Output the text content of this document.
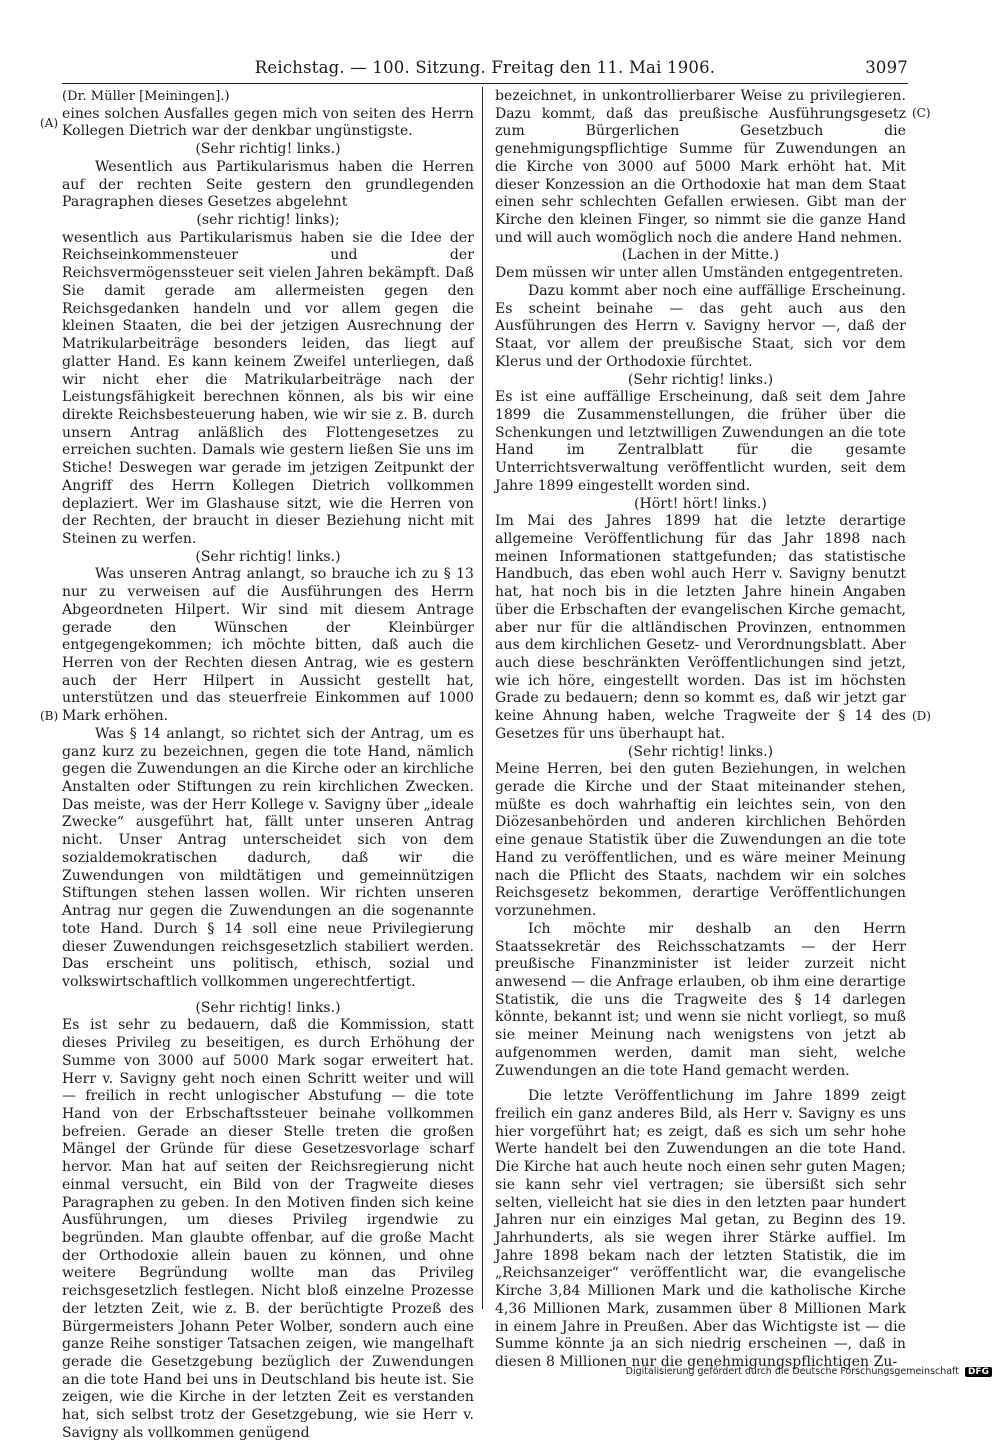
Reichstag. — 100. Sitzung. Freitag den 11. Mai 1906.	3097
(A)
(B)
(C)
(D)

(Dr. Müller [Meiningen].)

eines solchen Ausfalles gegen mich von seiten des Herrn Kollegen Dietrich war der denkbar ungünstigste.

(Sehr richtig! links.)

Wesentlich aus Partikularismus haben die Herren auf der rechten Seite gestern den grundlegenden Paragraphen dieses Gesetzes abgelehnt

(sehr richtig! links);

wesentlich aus Partikularismus haben sie die Idee der Reichseinkommensteuer und der Reichsvermögenssteuer seit vielen Jahren bekämpft. Daß Sie damit gerade am allermeisten gegen den Reichsgedanken handeln und vor allem gegen die kleinen Staaten, die bei der jetzigen Ausrechnung der Matrikularbeiträge besonders leiden, das liegt auf glatter Hand. Es kann keinem Zweifel unterliegen, daß wir nicht eher die Matrikularbeiträge nach der Leistungsfähigkeit berechnen können, als bis wir eine direkte Reichsbesteuerung haben, wie wir sie z. B. durch unsern Antrag anläßlich des Flottengesetzes zu erreichen suchten. Damals wie gestern ließen Sie uns im Stiche! Deswegen war gerade im jetzigen Zeitpunkt der Angriff des Herrn Kollegen Dietrich vollkommen deplaziert. Wer im Glashause sitzt, wie die Herren von der Rechten, der braucht in dieser Beziehung nicht mit Steinen zu werfen.

(Sehr richtig! links.)

Was unseren Antrag anlangt, so brauche ich zu § 13 nur zu verweisen auf die Ausführungen des Herrn Abgeordneten Hilpert. Wir sind mit diesem Antrage gerade den Wünschen der Kleinbürger entgegengekommen; ich möchte bitten, daß auch die Herren von der Rechten diesen Antrag, wie es gestern auch der Herr Hilpert in Aussicht gestellt hat, unterstützen und das steuerfreie Einkommen auf 1000 Mark erhöhen.

Was § 14 anlangt, so richtet sich der Antrag, um es ganz kurz zu bezeichnen, gegen die tote Hand, nämlich gegen die Zuwendungen an die Kirche oder an kirchliche Anstalten oder Stiftungen zu rein kirchlichen Zwecken. Das meiste, was der Herr Kollege v. Savigny über „ideale Zwecke“ ausgeführt hat, fällt unter unseren Antrag nicht. Unser Antrag unterscheidet sich von dem sozialdemokratischen dadurch, daß wir die Zuwendungen von mildtätigen und gemeinnützigen Stiftungen stehen lassen wollen. Wir richten unseren Antrag nur gegen die Zuwendungen an die sogenannte tote Hand. Durch § 14 soll eine neue Privilegierung dieser Zuwendungen reichsgesetzlich stabiliert werden. Das erscheint uns politisch, ethisch, sozial und volkswirtschaftlich vollkommen ungerechtfertigt.

(Sehr richtig! links.)

Es ist sehr zu bedauern, daß die Kommission, statt dieses Privileg zu beseitigen, es durch Erhöhung der Summe von 3000 auf 5000 Mark sogar erweitert hat. Herr v. Savigny geht noch einen Schritt weiter und will — freilich in recht unlogischer Abstufung — die tote Hand von der Erbschaftssteuer beinahe vollkommen befreien. Gerade an dieser Stelle treten die großen Mängel der Gründe für diese Gesetzesvorlage scharf hervor. Man hat auf seiten der Reichsregierung nicht einmal versucht, ein Bild von der Tragweite dieses Paragraphen zu geben. In den Motiven finden sich keine Ausführungen, um dieses Privileg irgendwie zu begründen. Man glaubte offenbar, auf die große Macht der Orthodoxie allein bauen zu können, und ohne weitere Begründung wollte man das Privileg reichsgesetzlich festlegen. Nicht bloß einzelne Prozesse der letzten Zeit, wie z. B. der berüchtigte Prozeß des Bürgermeisters Johann Peter Wolber, sondern auch eine ganze Reihe sonstiger Tatsachen zeigen, wie mangelhaft gerade die Gesetzgebung bezüglich der Zuwendungen an die tote Hand bei uns in Deutschland bis heute ist. Sie zeigen, wie die Kirche in der letzten Zeit es verstanden hat, sich selbst trotz der Gesetzgebung, wie sie Herr v. Savigny als vollkommen genügend

bezeichnet, in unkontrollierbarer Weise zu privilegieren. Dazu kommt, daß das preußische Ausführungsgesetz zum Bürgerlichen Gesetzbuch die genehmigungspflichtige Summe für Zuwendungen an die Kirche von 3000 auf 5000 Mark erhöht hat. Mit dieser Konzession an die Orthodoxie hat man dem Staat einen sehr schlechten Gefallen erwiesen. Gibt man der Kirche den kleinen Finger, so nimmt sie die ganze Hand und will auch womöglich noch die andere Hand nehmen.

(Lachen in der Mitte.)

Dem müssen wir unter allen Umständen entgegentreten.

Dazu kommt aber noch eine auffällige Erscheinung. Es scheint beinahe — das geht auch aus den Ausführungen des Herrn v. Savigny hervor —, daß der Staat, vor allem der preußische Staat, sich vor dem Klerus und der Orthodoxie fürchtet.

(Sehr richtig! links.)

Es ist eine auffällige Erscheinung, daß seit dem Jahre 1899 die Zusammenstellungen, die früher über die Schenkungen und letztwilligen Zuwendungen an die tote Hand im Zentralblatt für die gesamte Unterrichtsverwaltung veröffentlicht wurden, seit dem Jahre 1899 eingestellt worden sind.

(Hört! hört! links.)

Im Mai des Jahres 1899 hat die letzte derartige allgemeine Veröffentlichung für das Jahr 1898 nach meinen Informationen stattgefunden; das statistische Handbuch, das eben wohl auch Herr v. Savigny benutzt hat, hat noch bis in die letzten Jahre hinein Angaben über die Erbschaften der evangelischen Kirche gemacht, aber nur für die altländischen Provinzen, entnommen aus dem kirchlichen Gesetz- und Verordnungsblatt. Aber auch diese beschränkten Veröffentlichungen sind jetzt, wie ich höre, eingestellt worden. Das ist im höchsten Grade zu bedauern; denn so kommt es, daß wir jetzt gar keine Ahnung haben, welche Tragweite der § 14 des Gesetzes für uns überhaupt hat.

(Sehr richtig! links.)

Meine Herren, bei den guten Beziehungen, in welchen gerade die Kirche und der Staat miteinander stehen, müßte es doch wahrhaftig ein leichtes sein, von den Diözesanbehörden und anderen kirchlichen Behörden eine genaue Statistik über die Zuwendungen an die tote Hand zu veröffentlichen, und es wäre meiner Meinung nach die Pflicht des Staats, nachdem wir ein solches Reichsgesetz bekommen, derartige Veröffentlichungen vorzunehmen.

Ich möchte mir deshalb an den Herrn Staatssekretär des Reichsschatzamts — der Herr preußische Finanzminister ist leider zurzeit nicht anwesend — die Anfrage erlauben, ob ihm eine derartige Statistik, die uns die Tragweite des § 14 darlegen könnte, bekannt ist; und wenn sie nicht vorliegt, so muß sie meiner Meinung nach wenigstens von jetzt ab aufgenommen werden, damit man sieht, welche Zuwendungen an die tote Hand gemacht werden.

Die letzte Veröffentlichung im Jahre 1899 zeigt freilich ein ganz anderes Bild, als Herr v. Savigny es uns hier vorgeführt hat; es zeigt, daß es sich um sehr hohe Werte handelt bei den Zuwendungen an die tote Hand. Die Kirche hat auch heute noch einen sehr guten Magen; sie kann sehr viel vertragen; sie übersißt sich sehr selten, vielleicht hat sie dies in den letzten paar hundert Jahren nur ein einziges Mal getan, zu Beginn des 19. Jahrhunderts, als sie wegen ihrer Stärke auffiel. Im Jahre 1898 bekam nach der letzten Statistik, die im „Reichsanzeiger“ veröffentlicht war, die evangelische Kirche 3,84 Millionen Mark und die katholische Kirche 4,36 Millionen Mark, zusammen über 8 Millionen Mark in einem Jahre in Preußen. Aber das Wichtigste ist — die Summe könnte ja an sich niedrig erscheinen —, daß in diesen 8 Millionen nur die genehmigungspflichtigen Zu-

Digitalisierung gefördert durch die Deutsche Forschungsgemeinschaft DFG
